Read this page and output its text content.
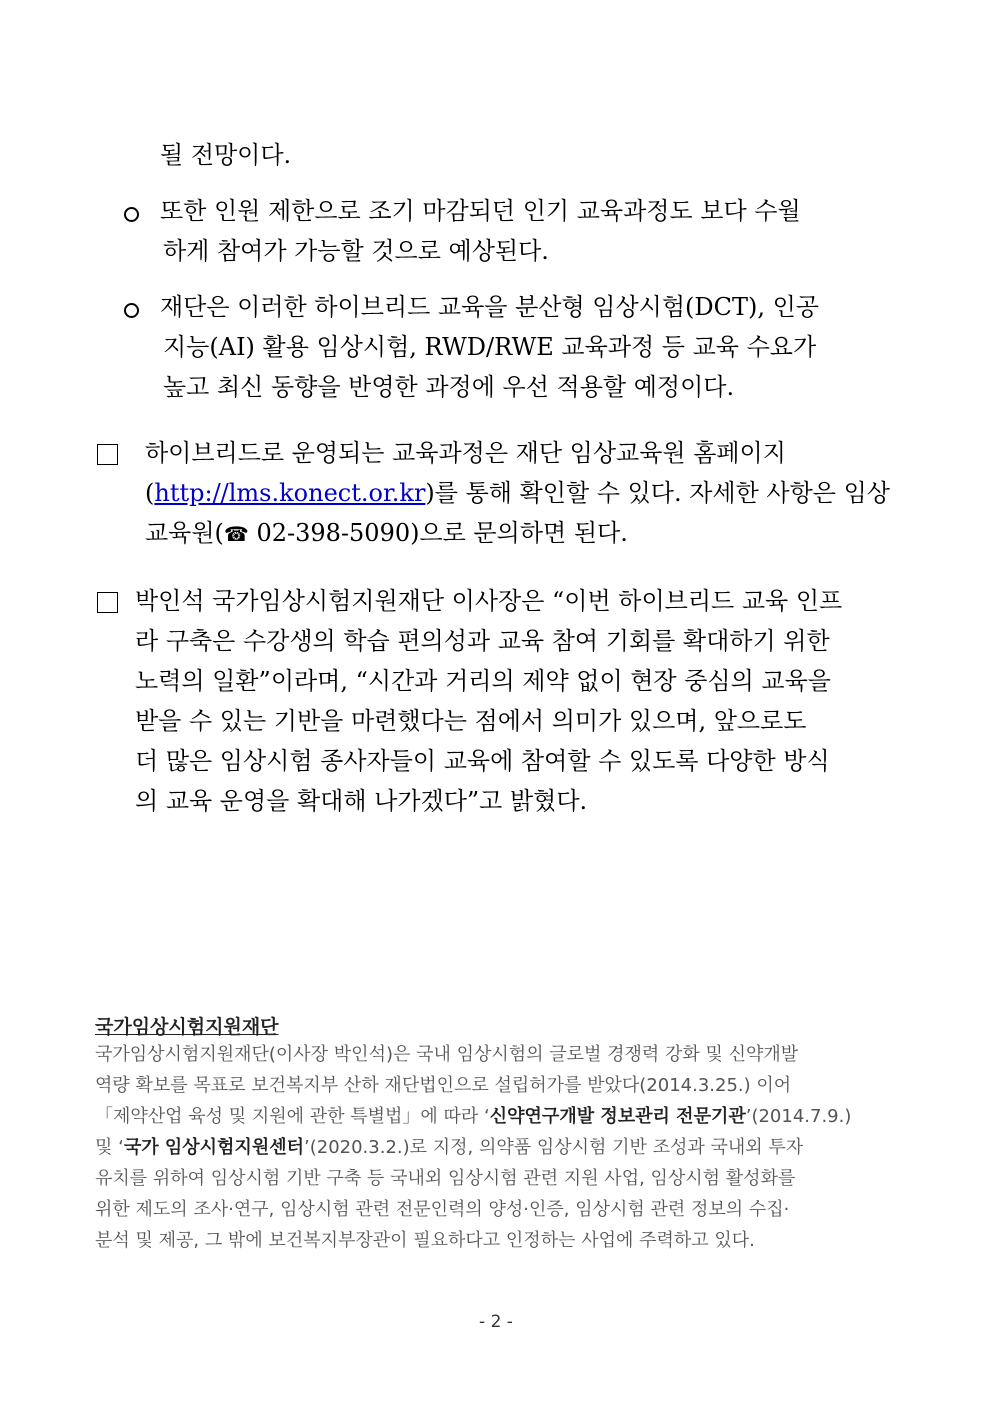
될 전망이다.
또한 인원 제한으로 조기 마감되던 인기 교육과정도 보다 수월
하게 참여가 가능할 것으로 예상된다.
재단은 이러한 하이브리드 교육을 분산형 임상시험(DCT), 인공
지능(AI) 활용 임상시험, RWD/RWE 교육과정 등 교육 수요가
높고 최신 동향을 반영한 과정에 우선 적용할 예정이다.
하이브리드로 운영되는 교육과정은 재단 임상교육원 홈페이지
(http://lms.konect.or.kr)를 통해 확인할 수 있다. 자세한 사항은 임상
교육원(☎ 02-398-5090)으로 문의하면 된다.
박인석 국가임상시험지원재단 이사장은 “이번 하이브리드 교육 인프
라 구축은 수강생의 학습 편의성과 교육 참여 기회를 확대하기 위한
노력의 일환”이라며, “시간과 거리의 제약 없이 현장 중심의 교육을
받을 수 있는 기반을 마련했다는 점에서 의미가 있으며, 앞으로도
더 많은 임상시험 종사자들이 교육에 참여할 수 있도록 다양한 방식
의 교육 운영을 확대해 나가겠다”고 밝혔다.
국가임상시험지원재단
국가임상시험지원재단(이사장 박인석)은 국내 임상시험의 글로벌 경쟁력 강화 및 신약개발
역량 확보를 목표로 보건복지부 산하 재단법인으로 설립허가를 받았다(2014.3.25.) 이어
「제약산업 육성 및 지원에 관한 특별법」에 따라 ‘신약연구개발 정보관리 전문기관’(2014.7.9.)
및 ‘국가 임상시험지원센터’(2020.3.2.)로 지정, 의약품 임상시험 기반 조성과 국내외 투자
유치를 위하여 임상시험 기반 구축 등 국내외 임상시험 관련 지원 사업, 임상시험 활성화를
위한 제도의 조사·연구, 임상시험 관련 전문인력의 양성·인증, 임상시험 관련 정보의 수집·
분석 및 제공, 그 밖에 보건복지부장관이 필요하다고 인정하는 사업에 주력하고 있다.
- 2 -
